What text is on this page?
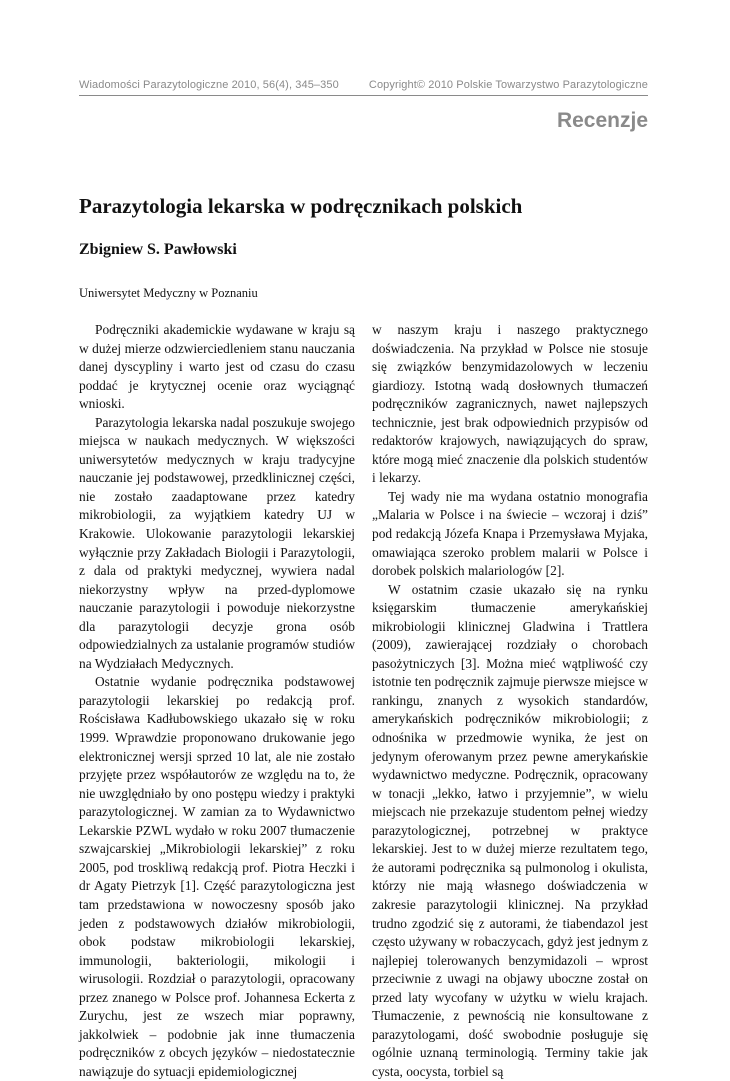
Wiadomości Parazytologiczne 2010, 56(4), 345–350	Copyright© 2010 Polskie Towarzystwo Parazytologiczne
Recenzje
Parazytologia lekarska w podręcznikach polskich
Zbigniew S. Pawłowski
Uniwersytet Medyczny w Poznaniu

Podręczniki akademickie wydawane w kraju są w dużej mierze odzwierciedleniem stanu nauczania danej dyscypliny i warto jest od czasu do czasu poddać je krytycznej ocenie oraz wyciągnąć wnioski.

Parazytologia lekarska nadal poszukuje swojego miejsca w naukach medycznych. W większości uniwersytetów medycznych w kraju tradycyjne nauczanie jej podstawowej, przedklinicznej części, nie zostało zaadaptowane przez katedry mikrobiologii, za wyjątkiem katedry UJ w Krakowie. Ulokowanie parazytologii lekarskiej wyłącznie przy Zakładach Biologii i Parazytologii, z dala od praktyki medycznej, wywiera nadal niekorzystny wpływ na przed-dyplomowe nauczanie parazytologii i powoduje niekorzystne dla parazytologii decyzje grona osób odpowiedzialnych za ustalanie programów studiów na Wydziałach Medycznych.

Ostatnie wydanie podręcznika podstawowej parazytologii lekarskiej po redakcją prof. Rościsława Kadłubowskiego ukazało się w roku 1999. Wprawdzie proponowano drukowanie jego elektronicznej wersji sprzed 10 lat, ale nie zostało przyjęte przez współautorów ze względu na to, że nie uwzględniało by ono postępu wiedzy i praktyki parazytologicznej. W zamian za to Wydawnictwo Lekarskie PZWL wydało w roku 2007 tłumaczenie szwajcarskiej „Mikrobiologii lekarskiej” z roku 2005, pod troskliwą redakcją prof. Piotra Heczki i dr Agaty Pietrzyk [1]. Część parazytologiczna jest tam przedstawiona w nowoczesny sposób jako jeden z podstawowych działów mikrobiologii, obok podstaw mikrobiologii lekarskiej, immunologii, bakteriologii, mikologii i wirusologii. Rozdział o parazytologii, opracowany przez znanego w Polsce prof. Johannesa Eckerta z Zurychu, jest ze wszech miar poprawny, jakkolwiek – podobnie jak inne tłumaczenia podręczników z obcych języków – niedostatecznie nawiązuje do sytuacji epidemiologicznej

w naszym kraju i naszego praktycznego doświadczenia. Na przykład w Polsce nie stosuje się związków benzymidazolowych w leczeniu giardiozy. Istotną wadą dosłownych tłumaczeń podręczników zagranicznych, nawet najlepszych technicznie, jest brak odpowiednich przypisów od redaktorów krajowych, nawiązujących do spraw, które mogą mieć znaczenie dla polskich studentów i lekarzy.

Tej wady nie ma wydana ostatnio monografia „Malaria w Polsce i na świecie – wczoraj i dziś” pod redakcją Józefa Knapa i Przemysława Myjaka, omawiająca szeroko problem malarii w Polsce i dorobek polskich malariologów [2].

W ostatnim czasie ukazało się na rynku księgarskim tłumaczenie amerykańskiej mikrobiologii klinicznej Gladwina i Trattlera (2009), zawierającej rozdziały o chorobach pasożytniczych [3]. Można mieć wątpliwość czy istotnie ten podręcznik zajmuje pierwsze miejsce w rankingu, znanych z wysokich standardów, amerykańskich podręczników mikrobiologii; z odnośnika w przedmowie wynika, że jest on jedynym oferowanym przez pewne amerykańskie wydawnictwo medyczne. Podręcznik, opracowany w tonacji „lekko, łatwo i przyjemnie”, w wielu miejscach nie przekazuje studentom pełnej wiedzy parazytologicznej, potrzebnej w praktyce lekarskiej. Jest to w dużej mierze rezultatem tego, że autorami podręcznika są pulmonolog i okulista, którzy nie mają własnego doświadczenia w zakresie parazytologii klinicznej. Na przykład trudno zgodzić się z autorami, że tiabendazol jest często używany w robaczycach, gdyż jest jednym z najlepiej tolerowanych benzymidazoli – wprost przeciwnie z uwagi na objawy uboczne został on przed laty wycofany w użytku w wielu krajach. Tłumaczenie, z pewnością nie konsultowane z parazytologami, dość swobodnie posługuje się ogólnie uznaną terminologią. Terminy takie jak cysta, oocysta, torbiel są
